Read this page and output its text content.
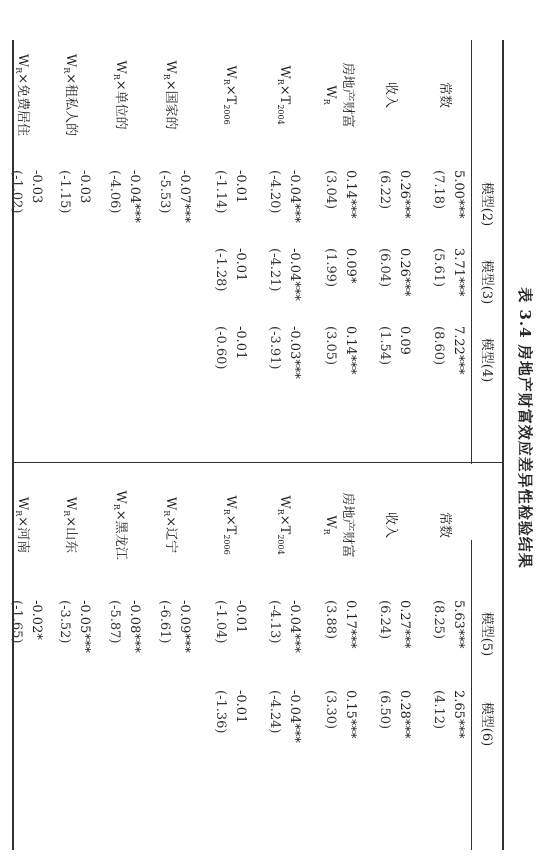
表 3.4 房地产财富效应差异性检验结果
模型(2)
模型(3)
模型(4)
常数
5.00***
(7.18)
3.71***
(5.61)
7.22***
(8.60)
收入
0.26***
(6.22)
0.26***
(6.04)
0.09
(1.54)
房地产财富
$W_R$
0.14***
(3.04)
0.09*
(1.99)
0.14***
(3.05)
$W_R\times T_{2004}$
-0.04***
(-4.20)
-0.04***
(-4.21)
-0.03***
(-3.91)
$W_R\times T_{2006}$
-0.01
(-1.14)
-0.01
(-1.28)
-0.01
(-0.60)
$W_R\times$国家的
-0.07***
(-5.53)
$W_R\times$单位的
-0.04***
(-4.06)
$W_R\times$租私人的
-0.03
(-1.15)
$W_R\times$免费居住
-0.03
(-1.02)
模型(5)
模型(6)
常数
5.63***
(8.25)
2.65***
(4.12)
收入
0.27***
(6.24)
0.28***
(6.50)
房地产财富
$W_R$
0.17***
(3.88)
0.15***
(3.30)
$W_R\times T_{2004}$
-0.04***
(-4.13)
-0.04***
(-4.24)
$W_R\times T_{2006}$
-0.01
(-1.04)
-0.01
(-1.36)
$W_R\times$辽宁
-0.09***
(-6.61)
$W_R\times$黑龙江
-0.08***
(-5.87)
$W_R\times$山东
-0.05***
(-3.52)
$W_R\times$河南
-0.02*
(-1.65)
